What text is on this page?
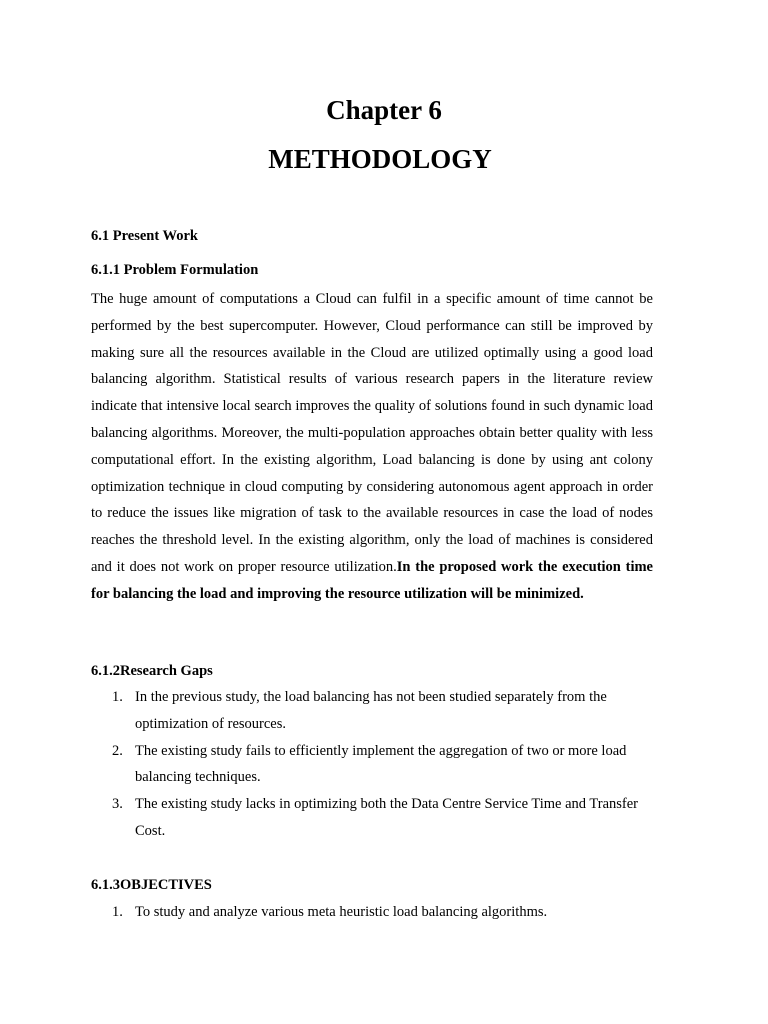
Chapter 6
METHODOLOGY
6.1 Present Work
6.1.1 Problem Formulation

The huge amount of computations a Cloud can fulfil in a specific amount of time cannot be performed by the best supercomputer. However, Cloud performance can still be improved by making sure all the resources available in the Cloud are utilized optimally using a good load balancing algorithm. Statistical results of various research papers in the literature review indicate that intensive local search improves the quality of solutions found in such dynamic load balancing algorithms. Moreover, the multi-population approaches obtain better quality with less computational effort. In the existing algorithm, Load balancing is done by using ant colony optimization technique in cloud computing by considering autonomous agent approach in order to reduce the issues like migration of task to the available resources in case the load of nodes reaches the threshold level. In the existing algorithm, only the load of machines is considered and it does not work on proper resource utilization.In the proposed work the execution time for balancing the load and improving the resource utilization will be minimized.

6.1.2Research Gaps
1. In the previous study, the load balancing has not been studied separately from the optimization of resources.
2. The existing study fails to efficiently implement the aggregation of two or more load balancing techniques.
3. The existing study lacks in optimizing both the Data Centre Service Time and Transfer Cost.
6.1.3OBJECTIVES
1. To study and analyze various meta heuristic load balancing algorithms.
